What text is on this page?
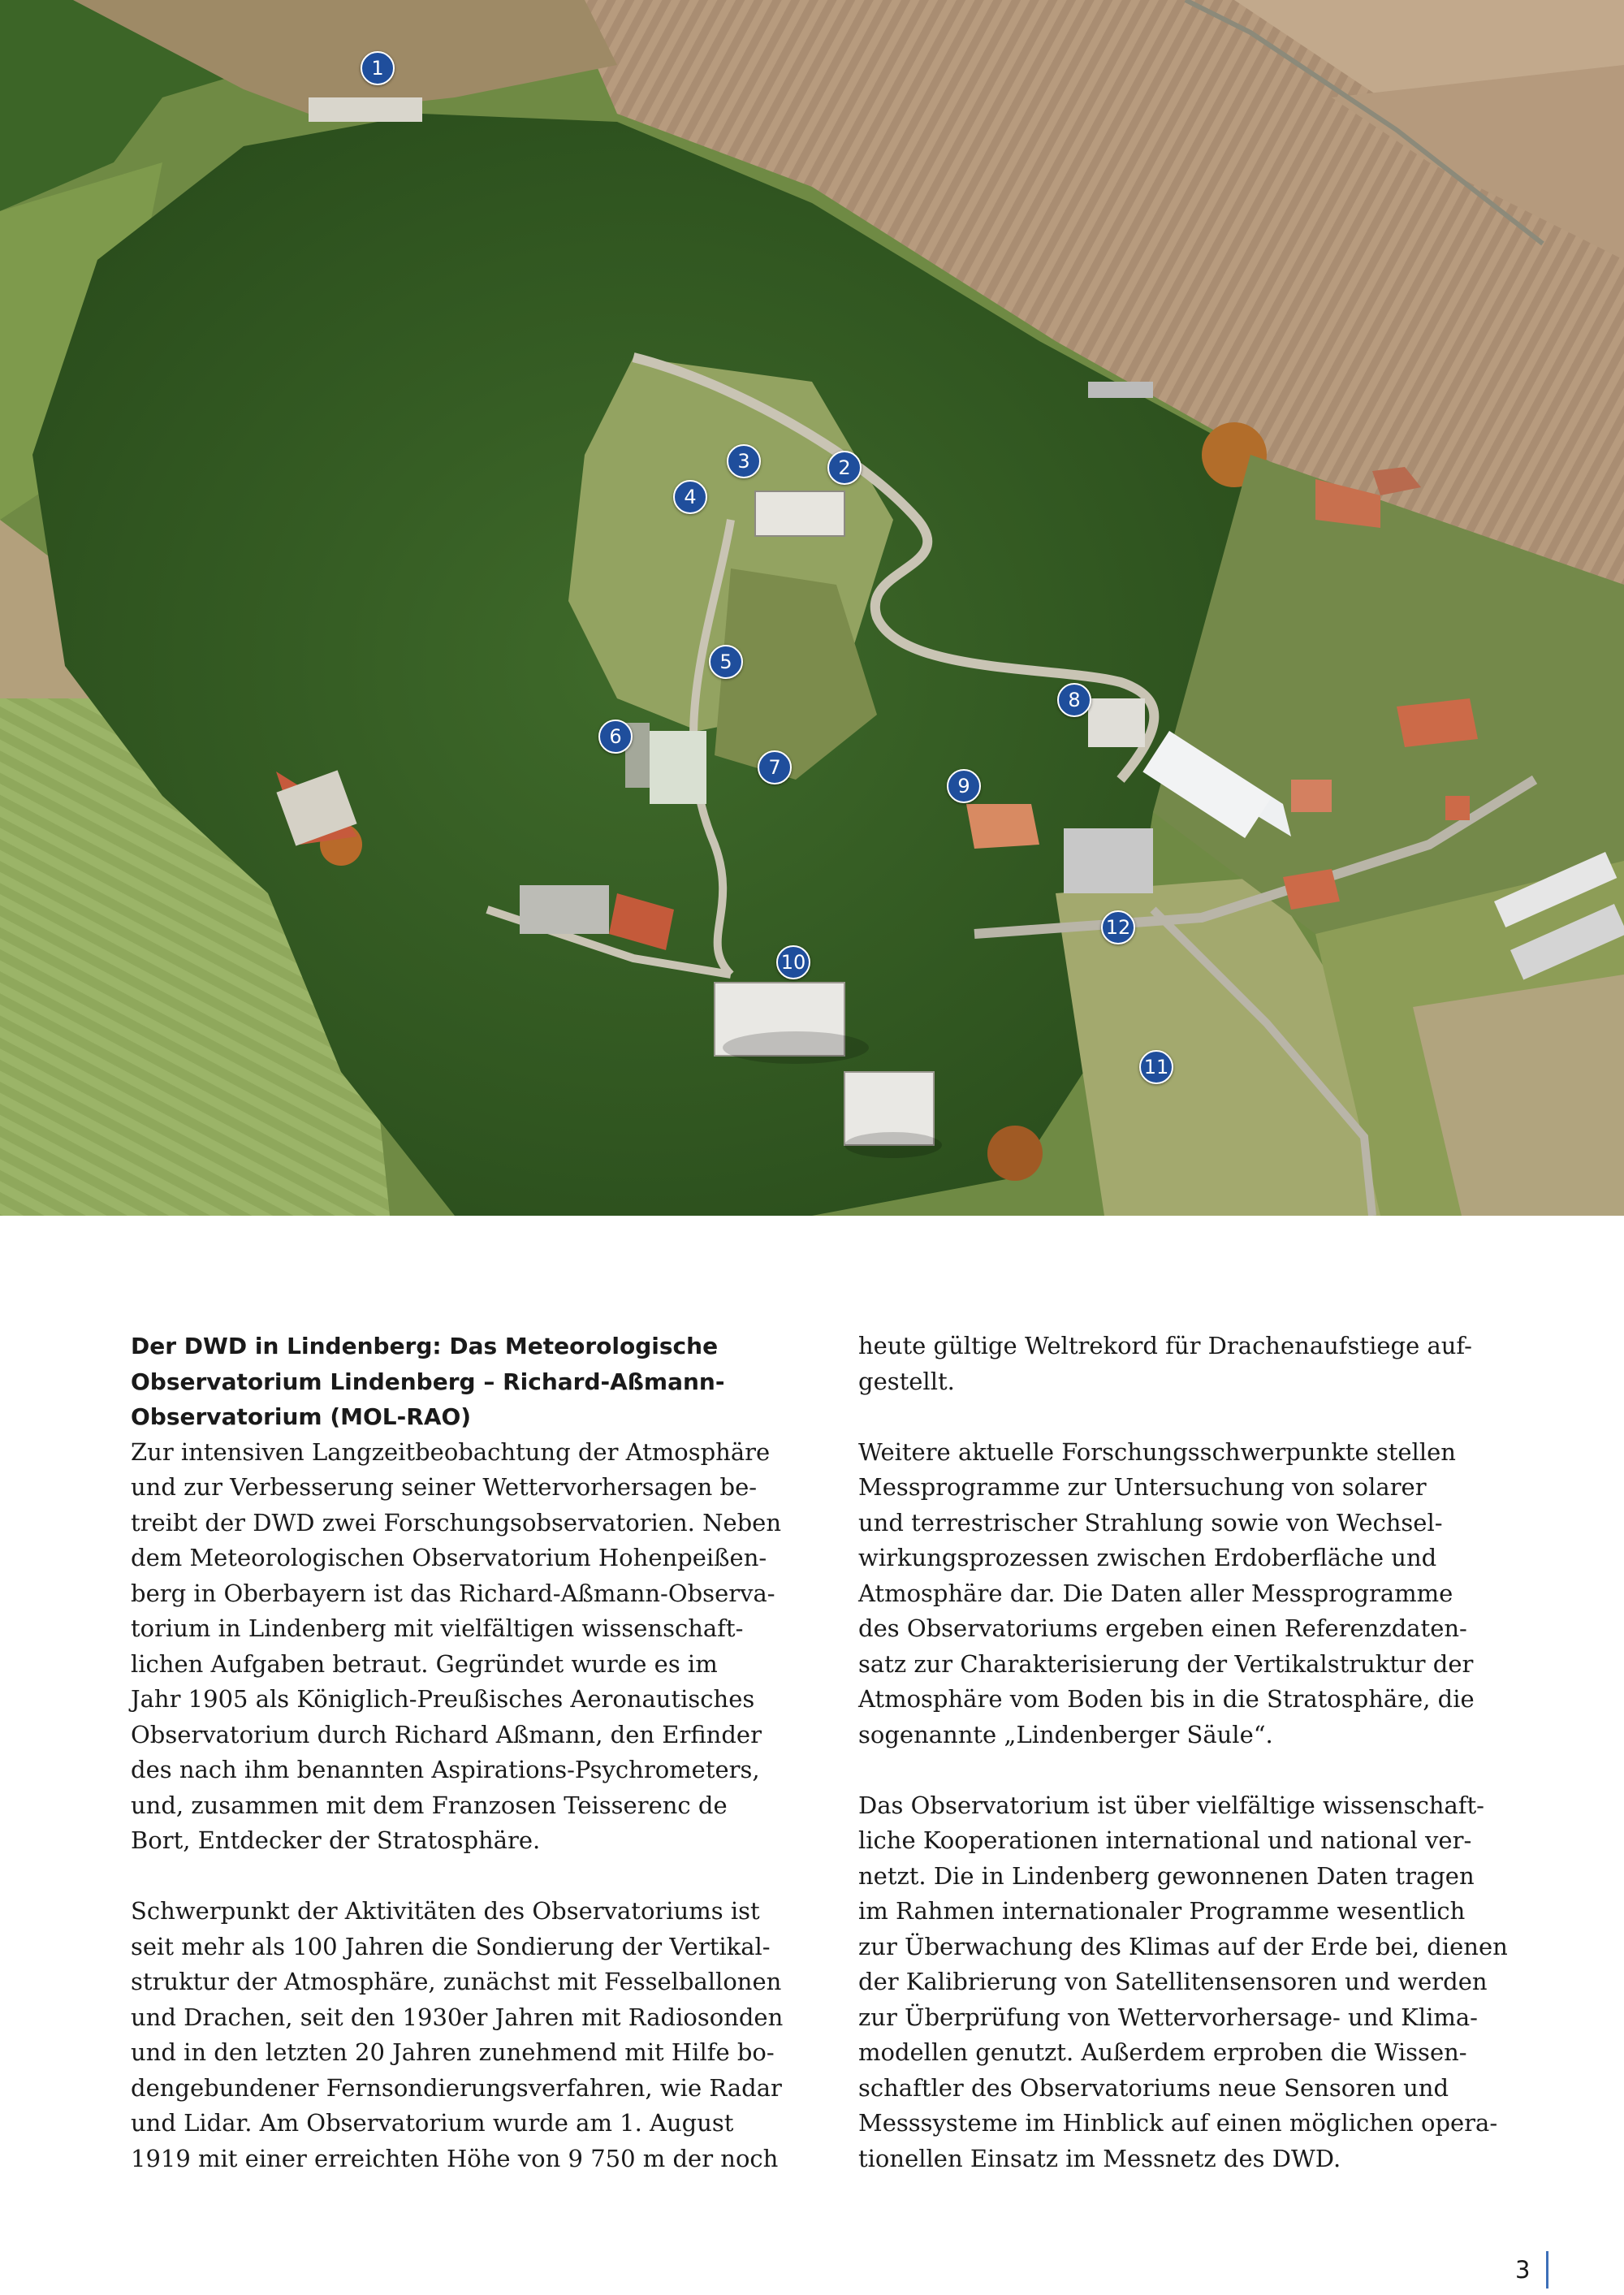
1
2
3
4
5
6
7
8
9
10
11
12
Der DWD in Lindenberg: Das Meteorologische
Observatorium Lindenberg – Richard-Aßmann-
Observatorium (MOL-RAO)

Zur intensiven Langzeitbeobachtung der Atmosphäre
und zur Verbesserung seiner Wettervorhersagen be-
treibt der DWD zwei Forschungsobservatorien. Neben
dem Meteorologischen Observatorium Hohenpeißen-
berg in Oberbayern ist das Richard-Aßmann-Observa-
torium in Lindenberg mit vielfältigen wissenschaft-
lichen Aufgaben betraut. Gegründet wurde es im
Jahr 1905 als Königlich-Preußisches Aeronautisches
Observatorium durch Richard Aßmann, den Erfinder
des nach ihm benannten Aspirations-Psychrometers,
und, zusammen mit dem Franzosen Teisserenc de
Bort, Entdecker der Stratosphäre.

Schwerpunkt der Aktivitäten des Observatoriums ist
seit mehr als 100 Jahren die Sondierung der Vertikal-
struktur der Atmosphäre, zunächst mit Fesselballonen
und Drachen, seit den 1930er Jahren mit Radiosonden
und in den letzten 20 Jahren zunehmend mit Hilfe bo-
dengebundener Fernsondierungsverfahren, wie Radar
und Lidar. Am Observatorium wurde am 1. August
1919 mit einer erreichten Höhe von 9 750 m der noch

heute gültige Weltrekord für Drachenaufstiege auf-
gestellt.

Weitere aktuelle Forschungsschwerpunkte stellen
Messprogramme zur Untersuchung von solarer
und terrestrischer Strahlung sowie von Wechsel-
wirkungsprozessen zwischen Erdoberfläche und
Atmosphäre dar. Die Daten aller Messprogramme
des Observatoriums ergeben einen Referenzdaten-
satz zur Charakterisierung der Vertikalstruktur der
Atmosphäre vom Boden bis in die Stratosphäre, die
sogenannte „Lindenberger Säule“.

Das Observatorium ist über vielfältige wissenschaft-
liche Kooperationen international und national ver-
netzt. Die in Lindenberg gewonnenen Daten tragen
im Rahmen internationaler Programme wesentlich
zur Überwachung des Klimas auf der Erde bei, dienen
der Kalibrierung von Satellitensensoren und werden
zur Überprüfung von Wettervorhersage- und Klima-
modellen genutzt. Außerdem erproben die Wissen-
schaftler des Observatoriums neue Sensoren und
Messsysteme im Hinblick auf einen möglichen opera-
tionellen Einsatz im Messnetz des DWD.

3
